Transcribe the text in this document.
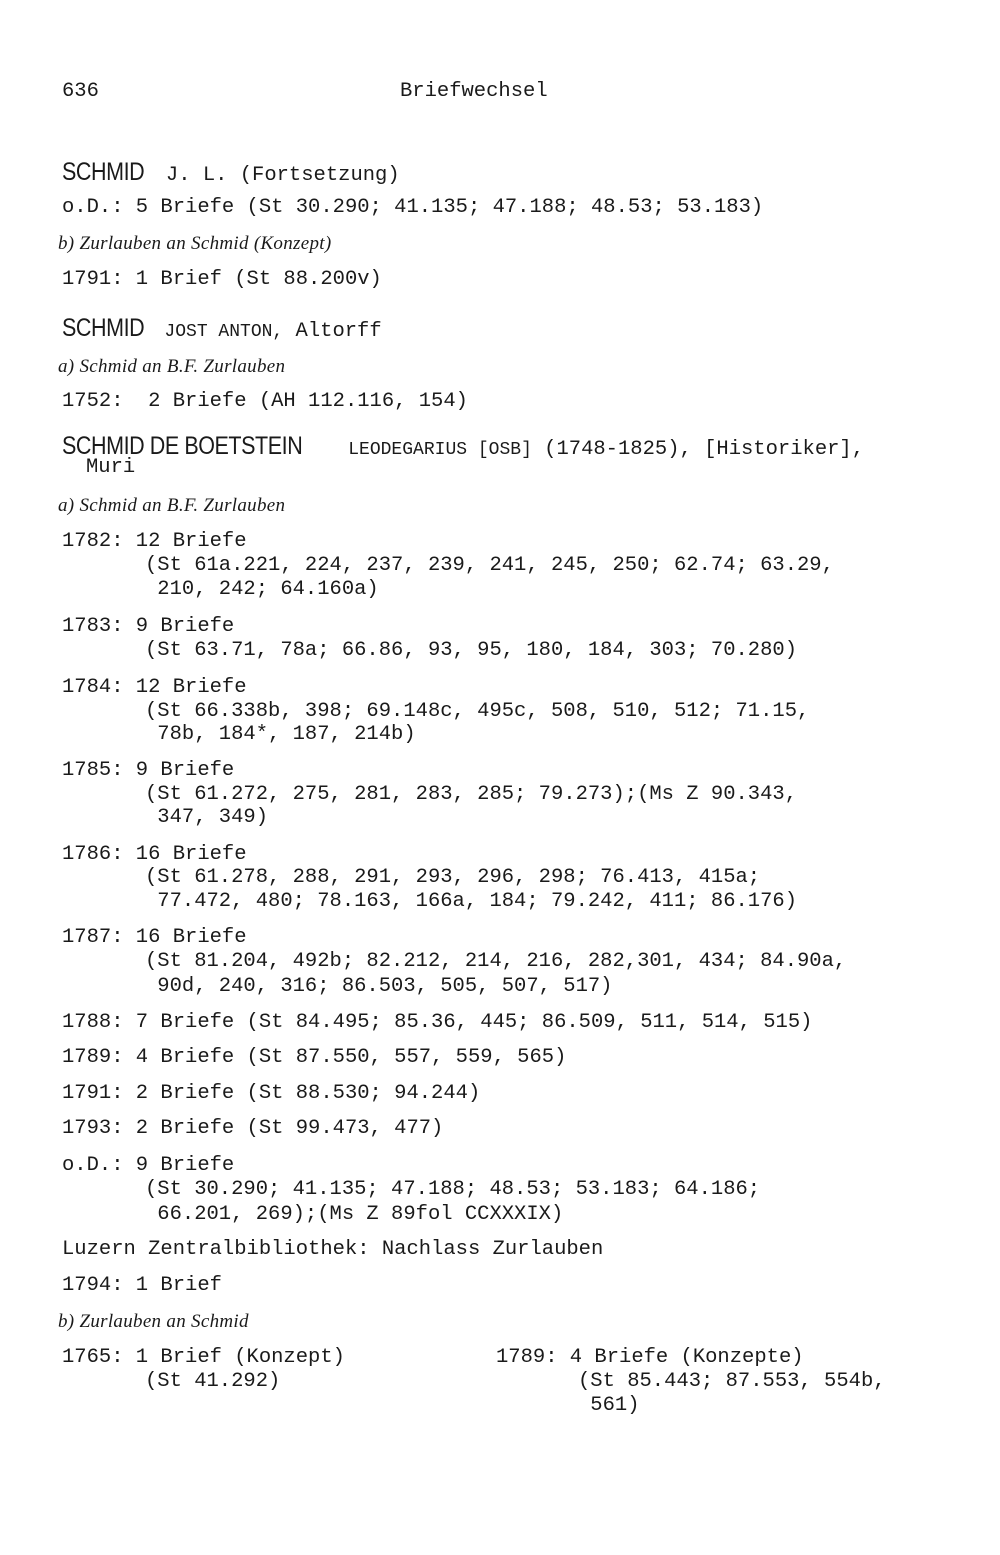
636	Briefwechsel
SCHMID J. L. (Fortsetzung)
o.D.: 5 Briefe (St 30.290; 41.135; 47.188; 48.53; 53.183)
b) Zurlauben an Schmid (Konzept)
1791: 1 Brief (St 88.200v)
SCHMID JOST ANTON, Altorff
a) Schmid an B.F. Zurlauben
1752:  2 Briefe (AH 112.116, 154)
SCHMID DE BOETSTEIN LEODEGARIUS [OSB] (1748-1825), [Historiker],
Muri
a) Schmid an B.F. Zurlauben
1782: 12 Briefe
(St 61a.221, 224, 237, 239, 241, 245, 250; 62.74; 63.29,
210, 242; 64.160a)
1783: 9 Briefe
(St 63.71, 78a; 66.86, 93, 95, 180, 184, 303; 70.280)
1784: 12 Briefe
(St 66.338b, 398; 69.148c, 495c, 508, 510, 512; 71.15,
78b, 184*, 187, 214b)
1785: 9 Briefe
(St 61.272, 275, 281, 283, 285; 79.273);(Ms Z 90.343,
347, 349)
1786: 16 Briefe
(St 61.278, 288, 291, 293, 296, 298; 76.413, 415a;
77.472, 480; 78.163, 166a, 184; 79.242, 411; 86.176)
1787: 16 Briefe
(St 81.204, 492b; 82.212, 214, 216, 282,301, 434; 84.90a,
90d, 240, 316; 86.503, 505, 507, 517)
1788: 7 Briefe (St 84.495; 85.36, 445; 86.509, 511, 514, 515)
1789: 4 Briefe (St 87.550, 557, 559, 565)
1791: 2 Briefe (St 88.530; 94.244)
1793: 2 Briefe (St 99.473, 477)
o.D.: 9 Briefe
(St 30.290; 41.135; 47.188; 48.53; 53.183; 64.186;
66.201, 269);(Ms Z 89fol CCXXXIX)
Luzern Zentralbibliothek: Nachlass Zurlauben
1794: 1 Brief
b) Zurlauben an Schmid
1765: 1 Brief (Konzept)
(St 41.292)
1789: 4 Briefe (Konzepte)
(St 85.443; 87.553, 554b,
561)
